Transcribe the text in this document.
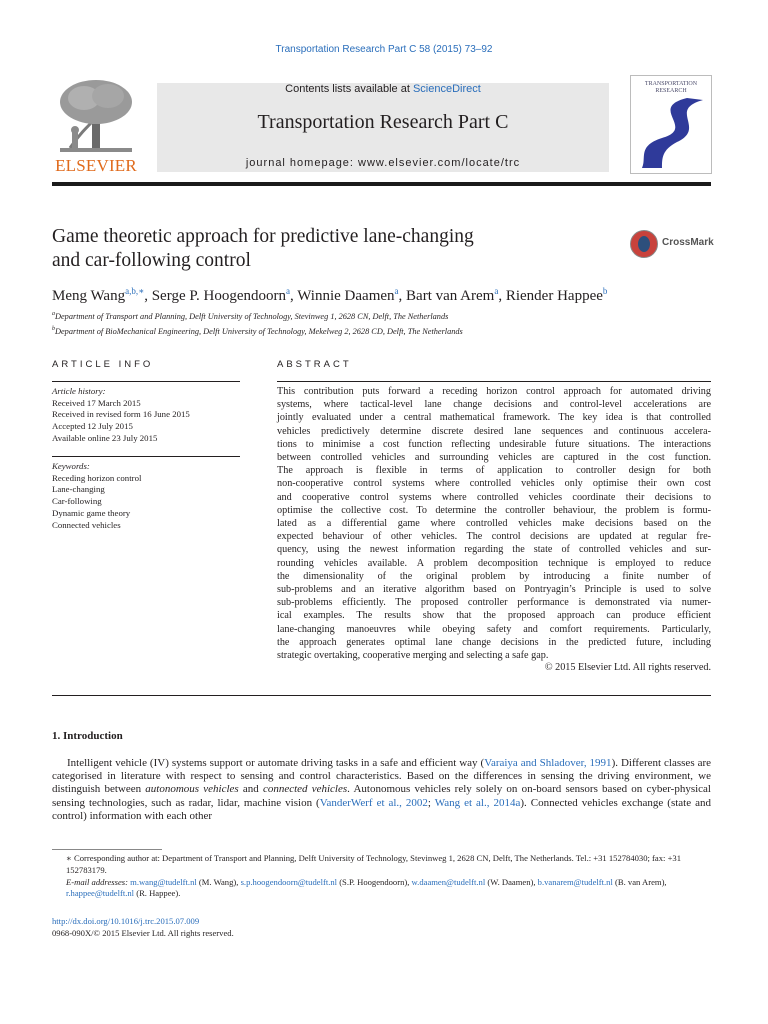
Transportation Research Part C 58 (2015) 73–92
ELSEVIER
Contents lists available at ScienceDirect
Transportation Research Part C
journal homepage: www.elsevier.com/locate/trc
TRANSPORTATION RESEARCH
Game theoretic approach for predictive lane-changing
and car-following control
CrossMark
Meng Wang$^{a,b,∗}$, Serge P. Hoogendoorn$^a$, Winnie Daamen$^a$, Bart van Arem$^a$, Riender Happee$^b$
$^a$Department of Transport and Planning, Delft University of Technology, Stevinweg 1, 2628 CN, Delft, The Netherlands
$^b$Department of BioMechanical Engineering, Delft University of Technology, Mekelweg 2, 2628 CD, Delft, The Netherlands
ARTICLE INFO	ABSTRACT
Article history:
Received 17 March 2015
Received in revised form 16 June 2015
Accepted 12 July 2015
Available online 23 July 2015
Keywords:
Receding horizon control
Lane-changing
Car-following
Dynamic game theory
Connected vehicles
This contribution puts forward a receding horizon control approach for automated driving
systems, where tactical-level lane change decisions and control-level accelerations are
jointly evaluated under a central mathematical framework. The key idea is that controlled
vehicles predictively determine discrete desired lane sequences and continuous accelera-
tions to minimise a cost function reflecting undesirable future situations. The interactions
between controlled vehicles and surrounding vehicles are captured in the cost function.
The approach is flexible in terms of application to controller design for both
non-cooperative control systems where controlled vehicles only optimise their own cost
and cooperative control systems where controlled vehicles coordinate their decisions to
optimise the collective cost. To determine the controller behaviour, the problem is formu-
lated as a differential game where controlled vehicles make decisions based on the
expected behaviour of other vehicles. The control decisions are updated at regular fre-
quency, using the newest information regarding the state of controlled vehicles and sur-
rounding vehicles available. A problem decomposition technique is employed to reduce
the dimensionality of the original problem by introducing a finite number of
sub-problems and an iterative algorithm based on Pontryagin’s Principle is used to solve
sub-problems efficiently. The proposed controller performance is demonstrated via numer-
ical examples. The results show that the proposed approach can produce efficient
lane-changing manoeuvres while obeying safety and comfort requirements. Particularly,
the approach generates optimal lane change decisions in the predicted future, including
strategic overtaking, cooperative merging and selecting a safe gap.
© 2015 Elsevier Ltd. All rights reserved.
1. Introduction
Intelligent vehicle (IV) systems support or automate driving tasks in a safe and efficient way (Varaiya and Shladover, 1991). Different classes are categorised in literature with respect to sensing and control characteristics. Based on the differences in sensing the driving environment, we distinguish between autonomous vehicles and connected vehicles. Autonomous vehicles rely solely on on-board sensors based on cyber-physical sensing technologies, such as radar, lidar, machine vision (VanderWerf et al., 2002; Wang et al., 2014a). Connected vehicles exchange (state and control) information with each other
∗ Corresponding author at: Department of Transport and Planning, Delft University of Technology, Stevinweg 1, 2628 CN, Delft, The Netherlands. Tel.: +31 152784030; fax: +31 152783179.
E-mail addresses: m.wang@tudelft.nl (M. Wang), s.p.hoogendoorn@tudelft.nl (S.P. Hoogendoorn), w.daamen@tudelft.nl (W. Daamen), b.vanarem@tudelft.nl (B. van Arem), r.happee@tudelft.nl (R. Happee).
http://dx.doi.org/10.1016/j.trc.2015.07.009
0968-090X/© 2015 Elsevier Ltd. All rights reserved.
